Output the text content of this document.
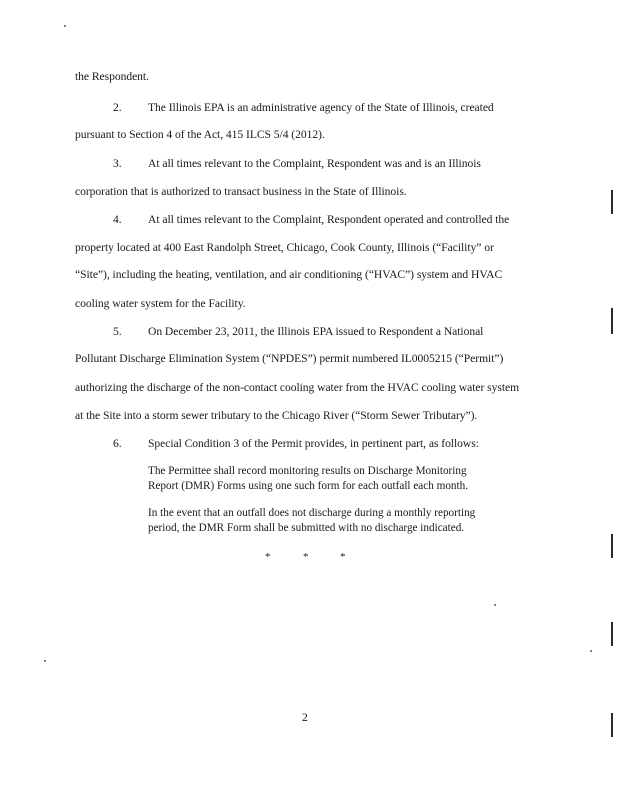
the Respondent.
2. The Illinois EPA is an administrative agency of the State of Illinois, created
pursuant to Section 4 of the Act, 415 ILCS 5/4 (2012).
3. At all times relevant to the Complaint, Respondent was and is an Illinois
corporation that is authorized to transact business in the State of Illinois.
4. At all times relevant to the Complaint, Respondent operated and controlled the
property located at 400 East Randolph Street, Chicago, Cook County, Illinois (“Facility” or
“Site”), including the heating, ventilation, and air conditioning (“HVAC”) system and HVAC
cooling water system for the Facility.
5. On December 23, 2011, the Illinois EPA issued to Respondent a National
Pollutant Discharge Elimination System (“NPDES”) permit numbered IL0005215 (“Permit”)
authorizing the discharge of the non-contact cooling water from the HVAC cooling water system
at the Site into a storm sewer tributary to the Chicago River (“Storm Sewer Tributary”).
6. Special Condition 3 of the Permit provides, in pertinent part, as follows:
The Permittee shall record monitoring results on Discharge Monitoring
Report (DMR) Forms using one such form for each outfall each month.
In the event that an outfall does not discharge during a monthly reporting
period, the DMR Form shall be submitted with no discharge indicated.
*	*	*
2
